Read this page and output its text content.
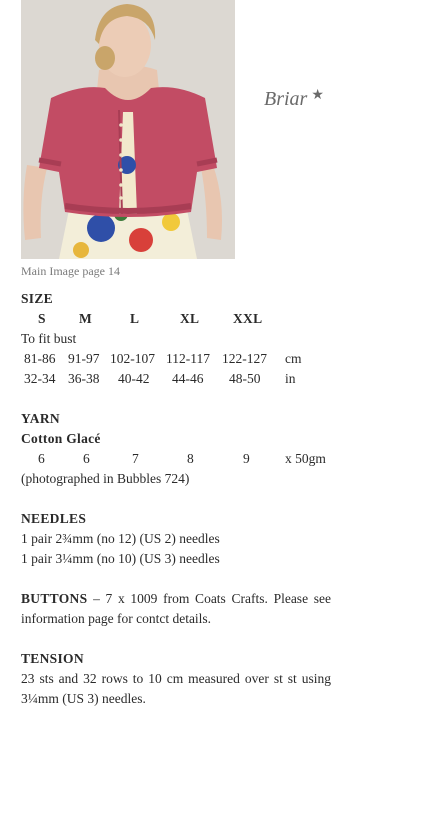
Briar ★
Main Image page 14
SIZE
S M	L	XL XXL
To fit bust
81-86 91-97 102-107 112-117 122-127 cm
32-34 36-38 40-42 44-46 48-50 in
YARN
Cotton Glacé
6	6	7	8	9	x 50gm
(photographed in Bubbles 724)
NEEDLES
1 pair 2¾mm (no 12) (US 2) needles
1 pair 3¼mm (no 10) (US 3) needles
BUTTONS – 7 x 1009 from Coats Crafts. Please see information page for contct details.
TENSION
23 sts and 32 rows to 10 cm measured over st st using 3¼mm (US 3) needles.
